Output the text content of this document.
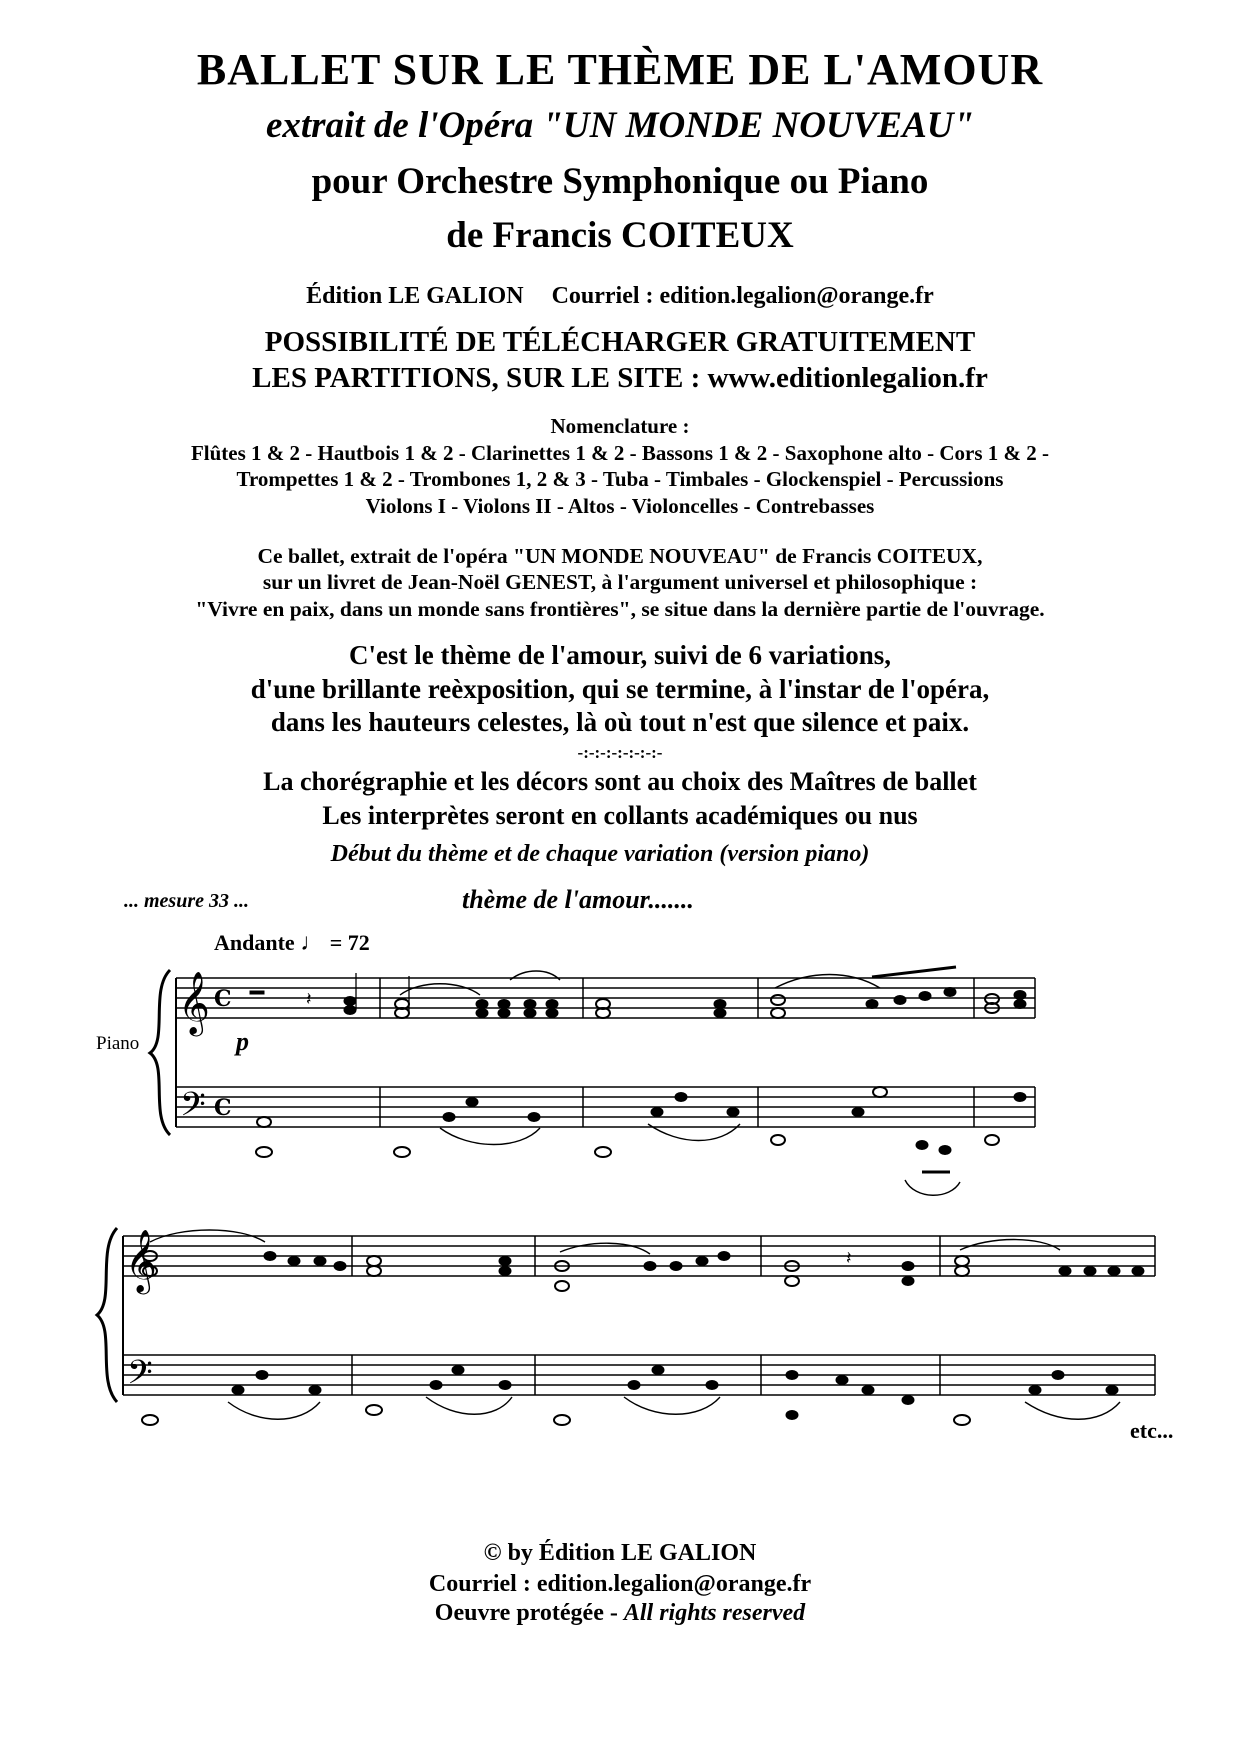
BALLET SUR LE THÈME DE L'AMOUR
extrait de l'Opéra "UN MONDE NOUVEAU"
pour Orchestre Symphonique ou Piano
de Francis COITEUX
Édition LE GALION Courriel : edition.legalion@orange.fr
POSSIBILITÉ DE TÉLÉCHARGER GRATUITEMENT
LES PARTITIONS, SUR LE SITE : www.editionlegalion.fr
Nomenclature :
Flûtes 1 & 2 - Hautbois 1 & 2 - Clarinettes 1 & 2 - Bassons 1 & 2 - Saxophone alto - Cors 1 & 2 -
Trompettes 1 & 2 - Trombones 1, 2 & 3 - Tuba - Timbales - Glockenspiel - Percussions
Violons I - Violons II - Altos - Violoncelles - Contrebasses
Ce ballet, extrait de l'opéra "UN MONDE NOUVEAU" de Francis COITEUX,
sur un livret de Jean-Noël GENEST, à l'argument universel et philosophique :
"Vivre en paix, dans un monde sans frontières", se situe dans la dernière partie de l'ouvrage.
C'est le thème de l'amour, suivi de 6 variations,
d'une brillante reèxposition, qui se termine, à l'instar de l'opéra,
dans les hauteurs celestes, là où tout n'est que silence et paix.
-:-:-:-:-:-:-:-
La chorégraphie et les décors sont au choix des Maîtres de ballet
Les interprètes seront en collants académiques ou nus
Début du thème et de chaque variation (version piano)
... mesure 33 ...	thème de l'amour.......
Andante ♩ = 72
Piano	p
𝄞
𝄢
𝄞
𝄢
C
C
𝄽
𝄽
etc...
© by Édition LE GALION
Courriel : edition.legalion@orange.fr
Oeuvre protégée - All rights reserved
